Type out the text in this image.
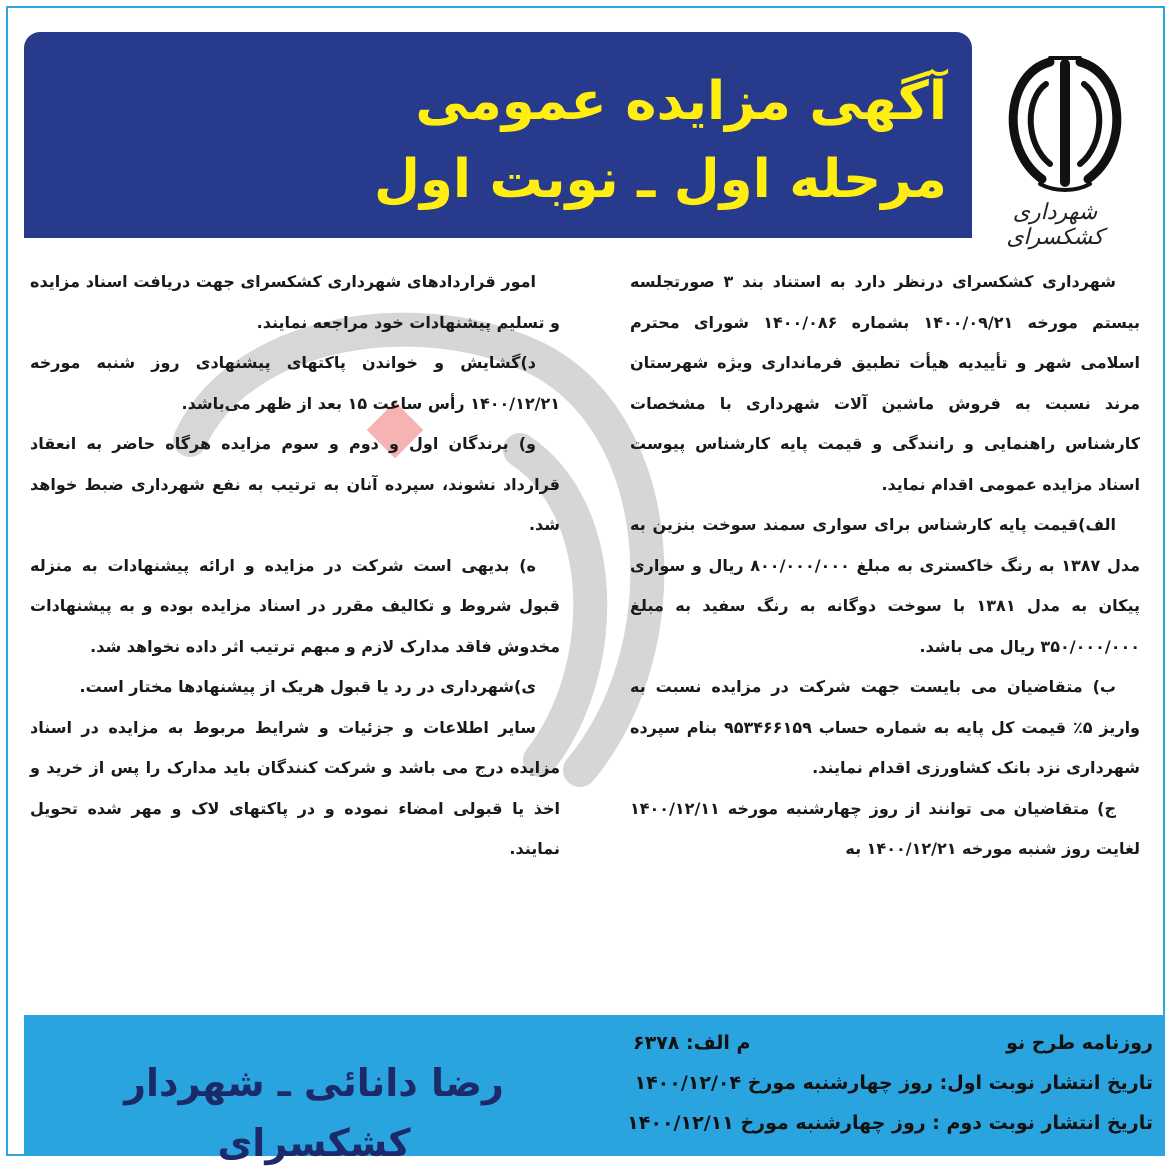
آگهی مزایده عمومی
مرحله اول ـ نوبت اول
شهرداری کشکسرای

شهرداری کشکسرای درنظر دارد به استناد بند ۳ صورتجلسه بیستم مورخه ۱۴۰۰/۰۹/۲۱ بشماره ۱۴۰۰/۰۸۶ شورای محترم اسلامی شهر و تأییدیه هیأت تطبیق فرمانداری ویژه شهرستان مرند نسبت به فروش ماشین آلات شهرداری با مشخصات کارشناس راهنمایی و رانندگی و قیمت پایه کارشناس پیوست اسناد مزایده عمومی اقدام نماید.

الف)قیمت پایه کارشناس برای سواری سمند سوخت بنزین به مدل ۱۳۸۷ به رنگ خاکستری به مبلغ ۸۰۰/۰۰۰/۰۰۰ ریال و سواری پیکان به مدل ۱۳۸۱ با سوخت دوگانه به رنگ سفید به مبلغ ۳۵۰/۰۰۰/۰۰۰ ریال می باشد.

ب) متقاضیان می بایست جهت شرکت در مزایده نسبت به واریز ۵٪ قیمت کل پایه به شماره حساب ۹۵۳۴۶۶۱۵۹ بنام سپرده شهرداری نزد بانک کشاورزی اقدام نمایند.

ج) متقاضیان می توانند از روز چهارشنبه مورخه ۱۴۰۰/۱۲/۱۱ لغایت روز شنبه مورخه ۱۴۰۰/۱۲/۲۱ به

امور قراردادهای شهرداری کشکسرای جهت دریافت اسناد مزایده و تسلیم پیشنهادات خود مراجعه نمایند.

د)گشایش و خواندن پاکتهای پیشنهادی روز شنبه مورخه ۱۴۰۰/۱۲/۲۱ رأس ساعت ۱۵ بعد از ظهر می‌باشد.

و) برندگان اول و دوم و سوم مزایده هرگاه حاضر به انعقاد قرارداد نشوند، سپرده آنان به ترتیب به نفع شهرداری ضبط خواهد شد.

ه) بدیهی است شرکت در مزایده و ارائه پیشنهادات به منزله قبول شروط و تکالیف مقرر در اسناد مزایده بوده و به پیشنهادات مخدوش فاقد مدارک لازم و مبهم ترتیب اثر داده نخواهد شد.

ی)شهرداری در رد یا قبول هریک از پیشنهادها مختار است.

سایر اطلاعات و جزئیات و شرایط مربوط به مزایده در اسناد مزایده درج می باشد و شرکت کنندگان باید مدارک را پس از خرید و اخذ یا قبولی امضاء نموده و در پاکتهای لاک و مهر شده تحویل نمایند.

روزنامه طرح نو
م الف: ۶۳۷۸
تاریخ انتشار نوبت اول: روز چهارشنبه مورخ ۱۴۰۰/۱۲/۰۴
تاریخ انتشار نوبت دوم : روز چهارشنبه مورخ ۱۴۰۰/۱۲/۱۱
رضا دانائی ـ شهردار کشکسرای
